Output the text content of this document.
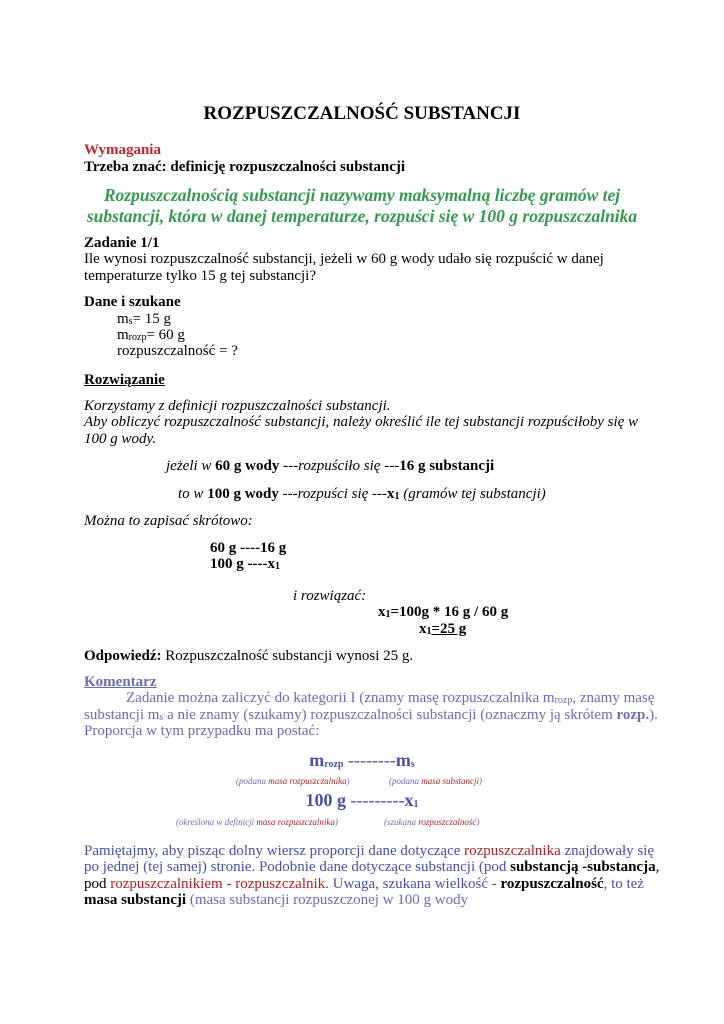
ROZPUSZCZALNOŚĆ SUBSTANCJI
Wymagania
Trzeba znać: definicję rozpuszczalności substancji
Rozpuszczalnością substancji nazywamy maksymalną liczbę gramów tej
substancji, która w danej temperaturze, rozpuści się w 100 g rozpuszczalnika
Zadanie 1/1
Ile wynosi rozpuszczalność substancji, jeżeli w 60 g wody udało się rozpuścić w danej
temperaturze tylko 15 g tej substancji?
Dane i szukane
$m_s= 15$ g
$m_{rozp}= 60$ g
rozpuszczalność = ?
Rozwiązanie
Korzystamy z definicji rozpuszczalności substancji.
Aby obliczyć rozpuszczalność substancji, należy określić ile tej substancji rozpuściłoby się w
100 g wody.
jeżeli w 60 g wody ---rozpuściło się ---16 g substancji
to w 100 g wody ---rozpuści się $---x_1$ (gramów tej substancji)
Można to zapisać skrótowo:
60 g ----16 g
100 g $----x_1$
i rozwiązać:
$x_1=100g * 16$ g / 60 g
$x_1=25$ g
Odpowiedź: Rozpuszczalność substancji wynosi 25 g.
Komentarz
Zadanie można zaliczyć do kategorii I (znamy masę rozpuszczalnika $m_{rozp}$, znamy masę
substancji $m_s$ a nie znamy (szukamy) rozpuszczalności substancji (oznaczmy ją skrótem rozp.).
Proporcja w tym przypadku ma postać:
$m_{rozp}$ $--------m_s$
(podana masa rozpuszczalnika)	(podana masa substancji)
100 g $---------x_1$
(określona w definicji masa rozpuszczalnika)	(szukana rozpuszczalność)
Pamiętajmy, aby pisząc dolny wiersz proporcji dane dotyczące rozpuszczalnika znajdowały się
po jednej (tej samej) stronie. Podobnie dane dotyczące substancji (pod substancją -substancja,
pod rozpuszczalnikiem - rozpuszczalnik. Uwaga, szukana wielkość - rozpuszczalność, to też
masa substancji (masa substancji rozpuszczonej w 100 g wody
